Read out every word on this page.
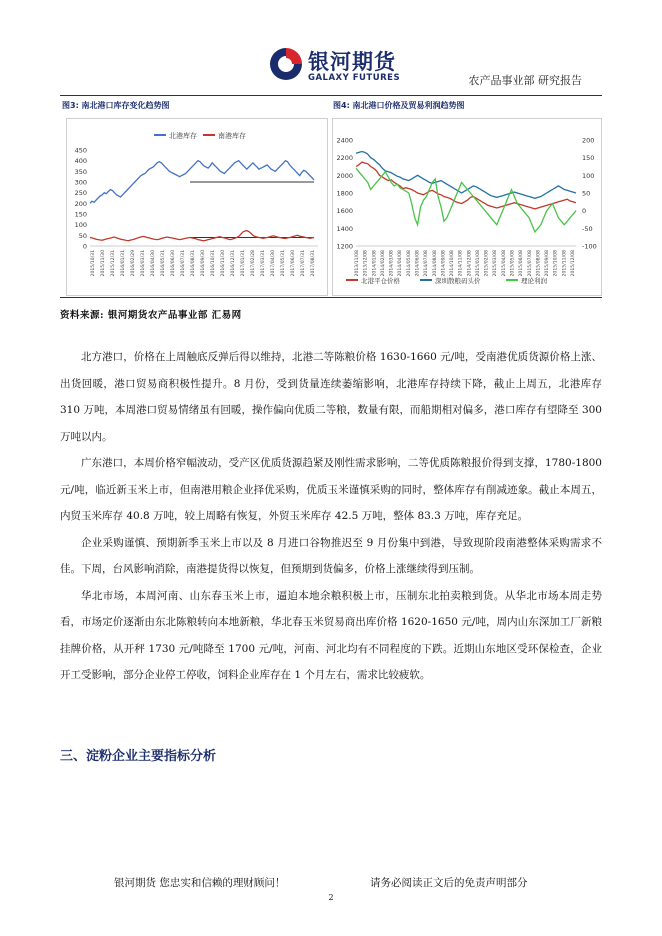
银河期货
GALAXY FUTURES	农产品事业部 研究报告
图3: 南北港口库存变化趋势图	图4: 南北港口价格及贸易利润趋势图
北港库存	南港库存
450
400
350
300
250
200
150
100
50
0
2015/10/31 2015/11/30 2015/12/31 2016/01/31 2016/02/29 2016/03/31 2016/04/30 2016/05/31 2016/06/30 2016/07/31 2016/08/31 2016/09/30 2016/10/31 2016/11/30 2016/12/31 2017/01/31 2017/02/28 2017/03/31 2017/04/30 2017/05/31 2017/06/30 2017/07/31 2017/08/31
2400
2200
2000
1800
1600
1400
1200
200
150
100
50
0
-50
-100
2013/11/08 2013/12/08 2014/01/08 2014/02/08 2014/03/08 2014/04/08 2014/05/08 2014/06/08 2014/07/08 2014/08/08 2014/09/08 2014/10/08 2014/11/08 2014/12/08 2015/01/08 2015/02/08 2015/03/08 2015/04/08 2015/05/08 2015/06/08 2015/07/08 2015/08/08 2015/09/08 2015/10/08 2015/11/08 2015/12/08
北港平仓价格	深圳散粮码头价	理论利润
资料来源: 银河期货农产品事业部 汇易网

北方港口，价格在上周触底反弹后得以维持，北港二等陈粮价格 1630-1660 元/吨，受南港优质货源价格上涨、出货回暖，港口贸易商积极性提升。8 月份，受到货量连续萎缩影响，北港库存持续下降，截止上周五，北港库存 310 万吨，本周港口贸易情绪虽有回暖，操作偏向优质二等粮，数量有限，而船期相对偏多，港口库存有望降至 300 万吨以内。

广东港口，本周价格窄幅波动，受产区优质货源趋紧及刚性需求影响，二等优质陈粮报价得到支撑，1780-1800 元/吨，临近新玉米上市，但南港用粮企业择优采购，优质玉米谨慎采购的同时，整体库存有削减迹象。截止本周五，内贸玉米库存 40.8 万吨，较上周略有恢复，外贸玉米库存 42.5 万吨，整体 83.3 万吨，库存充足。

企业采购谨慎、预期新季玉米上市以及 8 月进口谷物推迟至 9 月份集中到港，导致现阶段南港整体采购需求不佳。下周，台风影响消除，南港提货得以恢复，但预期到货偏多，价格上涨继续得到压制。

华北市场，本周河南、山东春玉米上市，逼迫本地余粮积极上市，压制东北拍卖粮到货。从华北市场本周走势看，市场定价逐渐由东北陈粮转向本地新粮，华北春玉米贸易商出库价格 1620-1650 元/吨，周内山东深加工厂新粮挂牌价格，从开秤 1730 元/吨降至 1700 元/吨，河南、河北均有不同程度的下跌。近期山东地区受环保检查，企业开工受影响，部分企业停工停收，饲料企业库存在 1 个月左右，需求比较疲软。

三、淀粉企业主要指标分析
银河期货 您忠实和信赖的理财顾问！	请务必阅读正文后的免责声明部分
2
